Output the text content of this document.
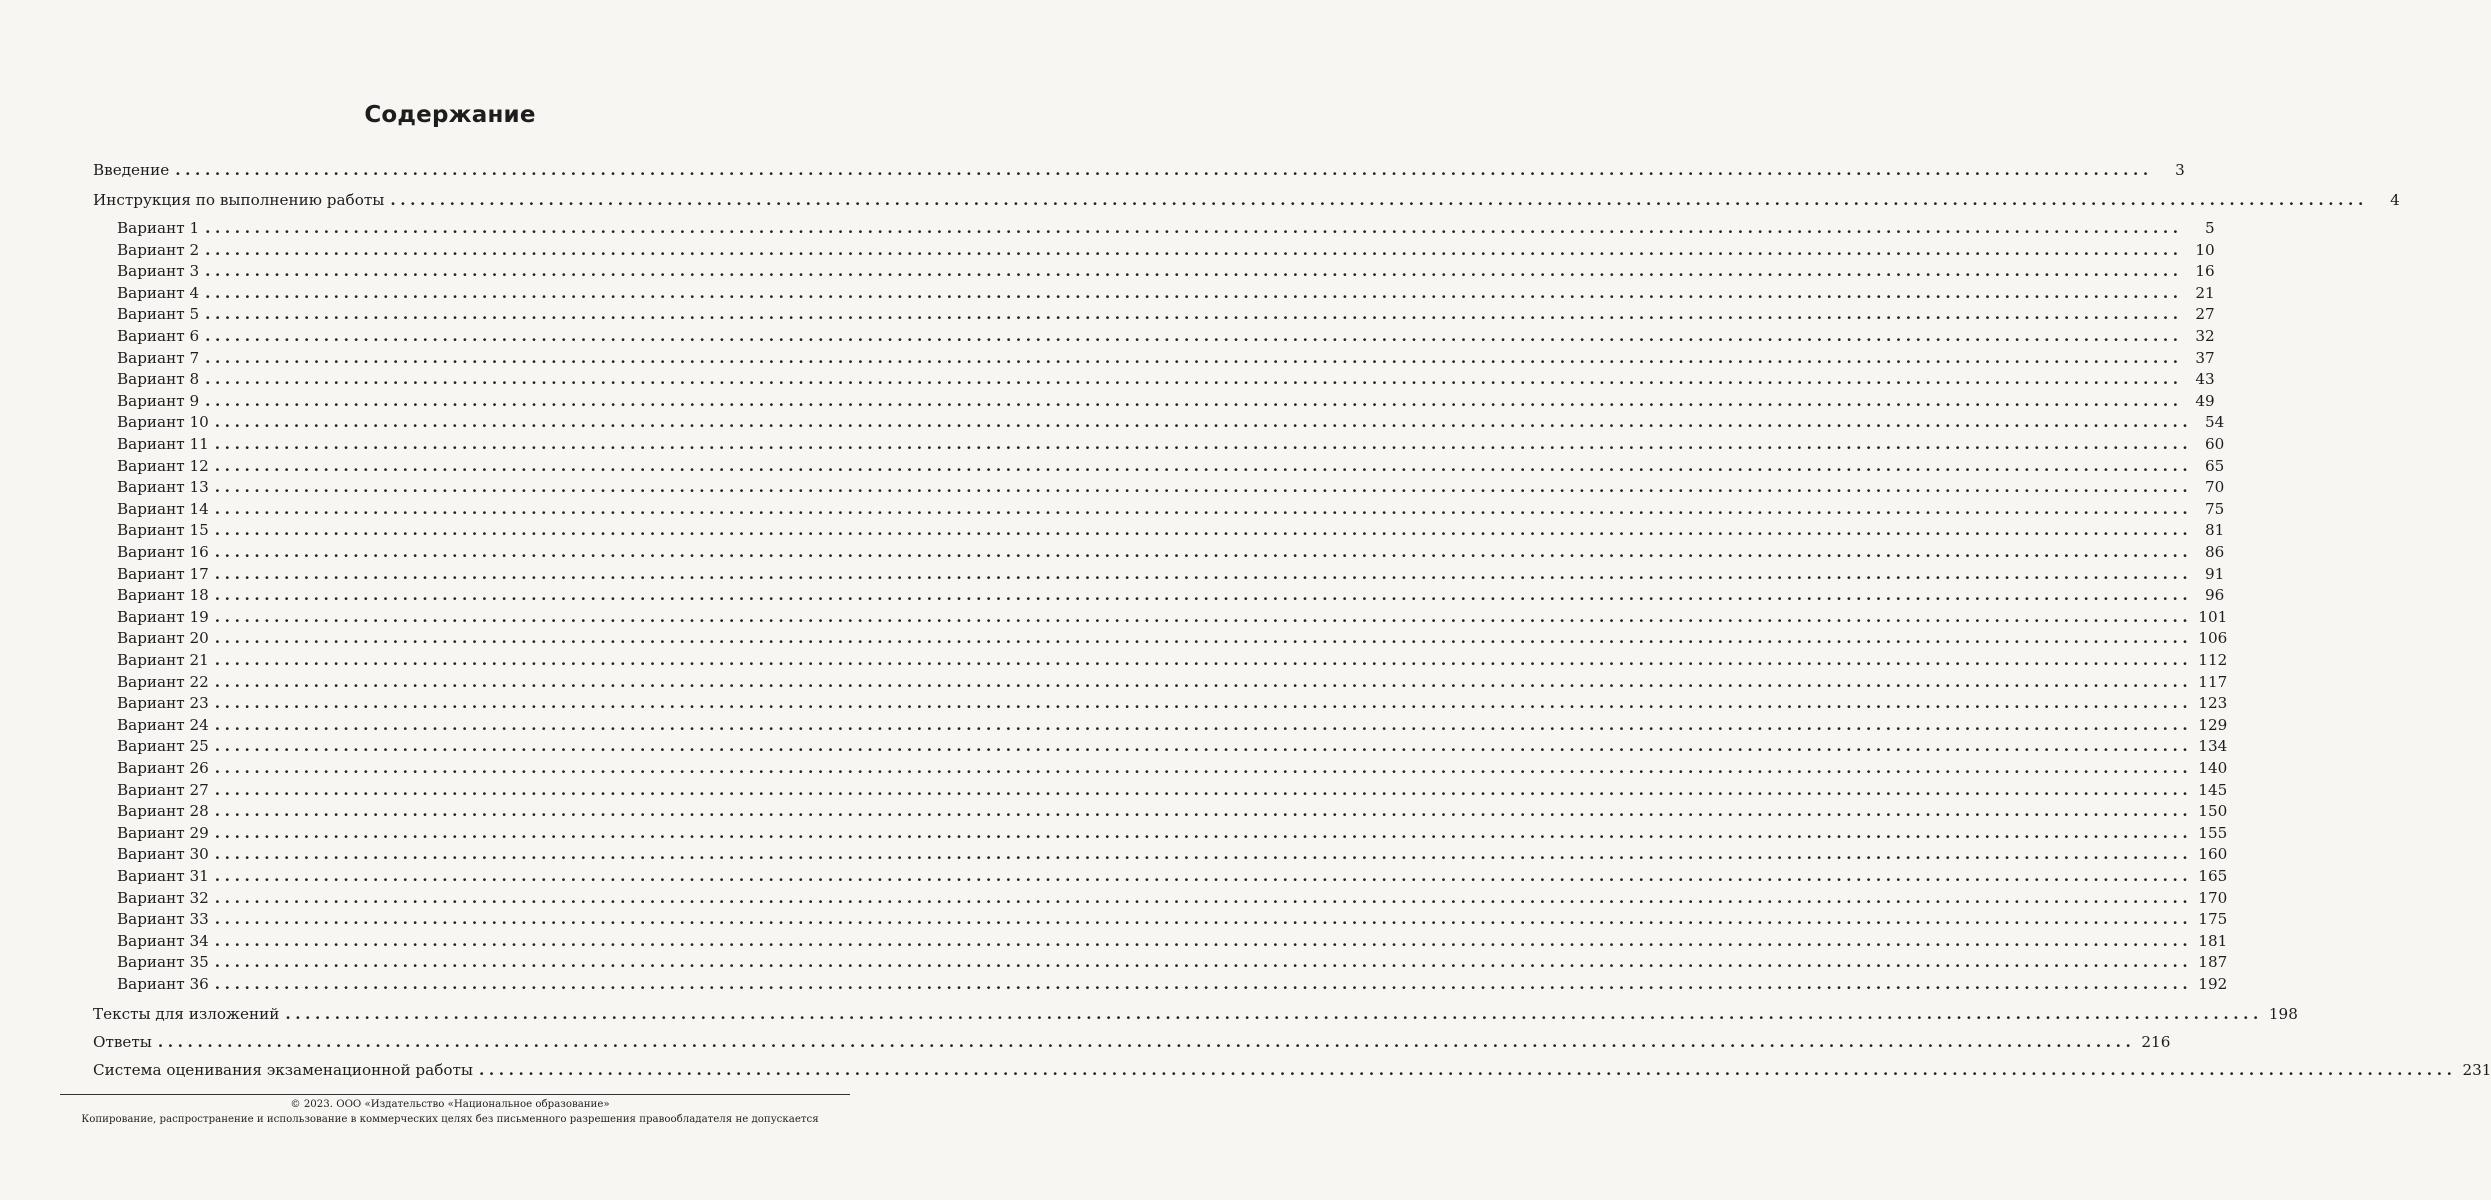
Содержание
Введение ........................................................................................................................................................................................................	3
Инструкция по выполнению работы ........................................................................................................................................................................................................	4
Вариант 1 ........................................................................................................................................................................................................	5
Вариант 2 ........................................................................................................................................................................................................ 10
Вариант 3 ........................................................................................................................................................................................................ 16
Вариант 4 ........................................................................................................................................................................................................ 21
Вариант 5 ........................................................................................................................................................................................................ 27
Вариант 6 ........................................................................................................................................................................................................ 32
Вариант 7 ........................................................................................................................................................................................................ 37
Вариант 8 ........................................................................................................................................................................................................ 43
Вариант 9 ........................................................................................................................................................................................................ 49
Вариант 10 ........................................................................................................................................................................................................ 54
Вариант 11 ........................................................................................................................................................................................................ 60
Вариант 12 ........................................................................................................................................................................................................ 65
Вариант 13 ........................................................................................................................................................................................................ 70
Вариант 14 ........................................................................................................................................................................................................ 75
Вариант 15 ........................................................................................................................................................................................................ 81
Вариант 16 ........................................................................................................................................................................................................ 86
Вариант 17 ........................................................................................................................................................................................................ 91
Вариант 18 ........................................................................................................................................................................................................ 96
Вариант 19 ........................................................................................................................................................................................................ 101
Вариант 20 ........................................................................................................................................................................................................ 106
Вариант 21 ........................................................................................................................................................................................................ 112
Вариант 22 ........................................................................................................................................................................................................ 117
Вариант 23 ........................................................................................................................................................................................................ 123
Вариант 24 ........................................................................................................................................................................................................ 129
Вариант 25 ........................................................................................................................................................................................................ 134
Вариант 26 ........................................................................................................................................................................................................ 140
Вариант 27 ........................................................................................................................................................................................................ 145
Вариант 28 ........................................................................................................................................................................................................ 150
Вариант 29 ........................................................................................................................................................................................................ 155
Вариант 30 ........................................................................................................................................................................................................ 160
Вариант 31 ........................................................................................................................................................................................................ 165
Вариант 32 ........................................................................................................................................................................................................ 170
Вариант 33 ........................................................................................................................................................................................................ 175
Вариант 34 ........................................................................................................................................................................................................ 181
Вариант 35 ........................................................................................................................................................................................................ 187
Вариант 36 ........................................................................................................................................................................................................ 192
Тексты для изложений ........................................................................................................................................................................................................ 198
Ответы ........................................................................................................................................................................................................ 216
Система оценивания экзаменационной работы ........................................................................................................................................................................................................ 231
© 2023. ООО «Издательство «Национальное образование»
Копирование, распространение и использование в коммерческих целях без письменного разрешения правообладателя не допускается
